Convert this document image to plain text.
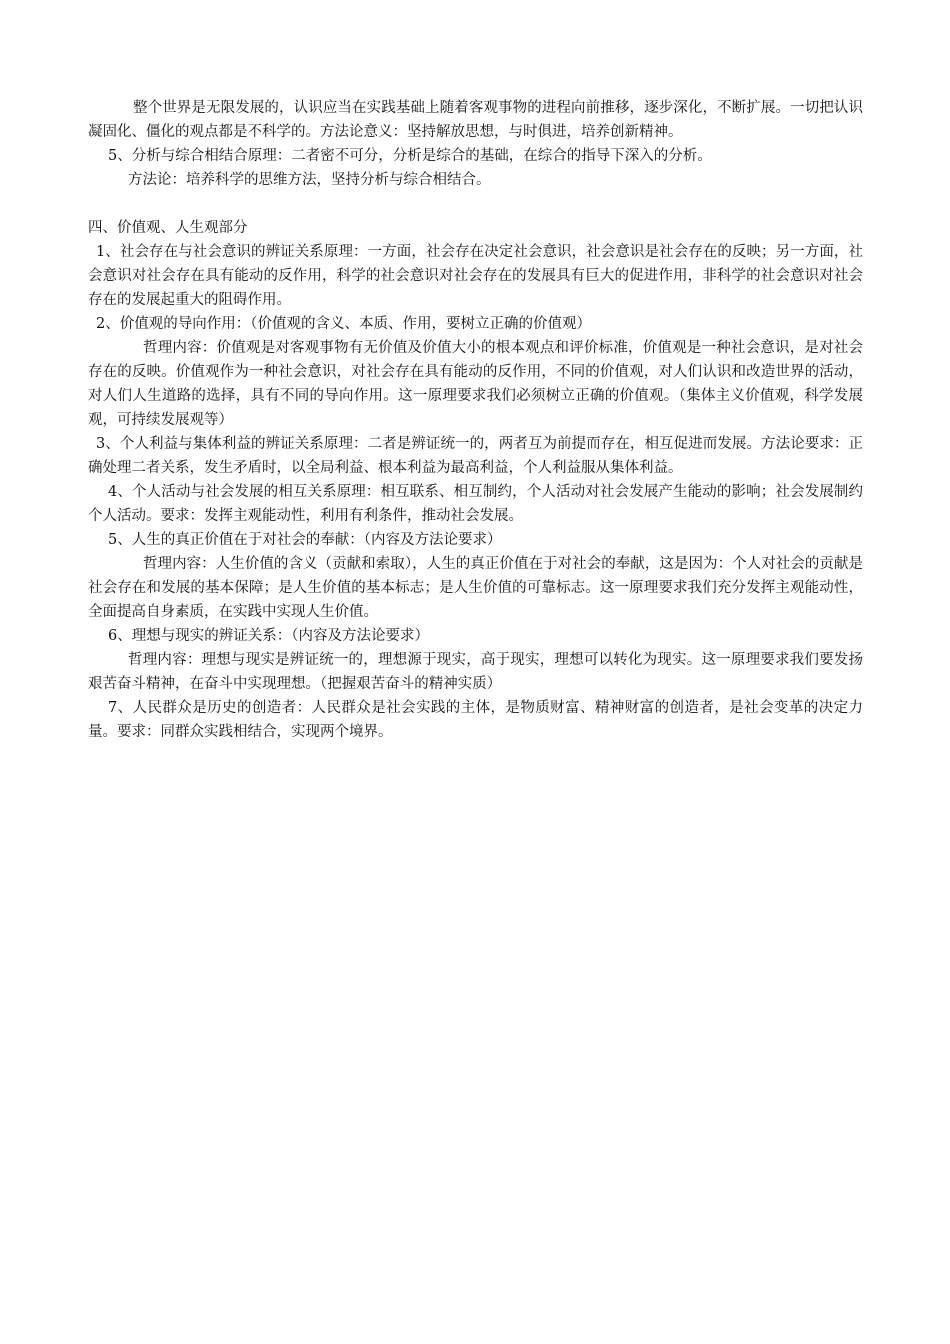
整个世界是无限发展的，认识应当在实践基础上随着客观事物的进程向前推移，逐步深化，不断扩展。一切把认识凝固化、僵化的观点都是不科学的。方法论意义：坚持解放思想，与时俱进，培养创新精神。

5、分析与综合相结合原理：二者密不可分，分析是综合的基础，在综合的指导下深入的分析。

方法论：培养科学的思维方法，坚持分析与综合相结合。

四、价值观、人生观部分

1、社会存在与社会意识的辨证关系原理：一方面，社会存在决定社会意识，社会意识是社会存在的反映；另一方面，社会意识对社会存在具有能动的反作用，科学的社会意识对社会存在的发展具有巨大的促进作用，非科学的社会意识对社会存在的发展起重大的阻碍作用。

2、价值观的导向作用：（价值观的含义、本质、作用，要树立正确的价值观）

哲理内容：价值观是对客观事物有无价值及价值大小的根本观点和评价标准，价值观是一种社会意识，是对社会存在的反映。价值观作为一种社会意识，对社会存在具有能动的反作用，不同的价值观，对人们认识和改造世界的活动，对人们人生道路的选择，具有不同的导向作用。这一原理要求我们必须树立正确的价值观。（集体主义价值观，科学发展观，可持续发展观等）

3、个人利益与集体利益的辨证关系原理：二者是辨证统一的，两者互为前提而存在，相互促进而发展。方法论要求：正确处理二者关系，发生矛盾时，以全局利益、根本利益为最高利益，个人利益服从集体利益。

4、个人活动与社会发展的相互关系原理：相互联系、相互制约，个人活动对社会发展产生能动的影响；社会发展制约个人活动。要求：发挥主观能动性，利用有利条件，推动社会发展。

5、人生的真正价值在于对社会的奉献：（内容及方法论要求）

哲理内容：人生价值的含义（贡献和索取），人生的真正价值在于对社会的奉献，这是因为：个人对社会的贡献是社会存在和发展的基本保障；是人生价值的基本标志；是人生价值的可靠标志。这一原理要求我们充分发挥主观能动性，全面提高自身素质，在实践中实现人生价值。

6、理想与现实的辨证关系：（内容及方法论要求）

哲理内容：理想与现实是辨证统一的，理想源于现实，高于现实，理想可以转化为现实。这一原理要求我们要发扬艰苦奋斗精神，在奋斗中实现理想。（把握艰苦奋斗的精神实质）

7、人民群众是历史的创造者：人民群众是社会实践的主体，是物质财富、精神财富的创造者，是社会变革的决定力量。要求：同群众实践相结合，实现两个境界。
